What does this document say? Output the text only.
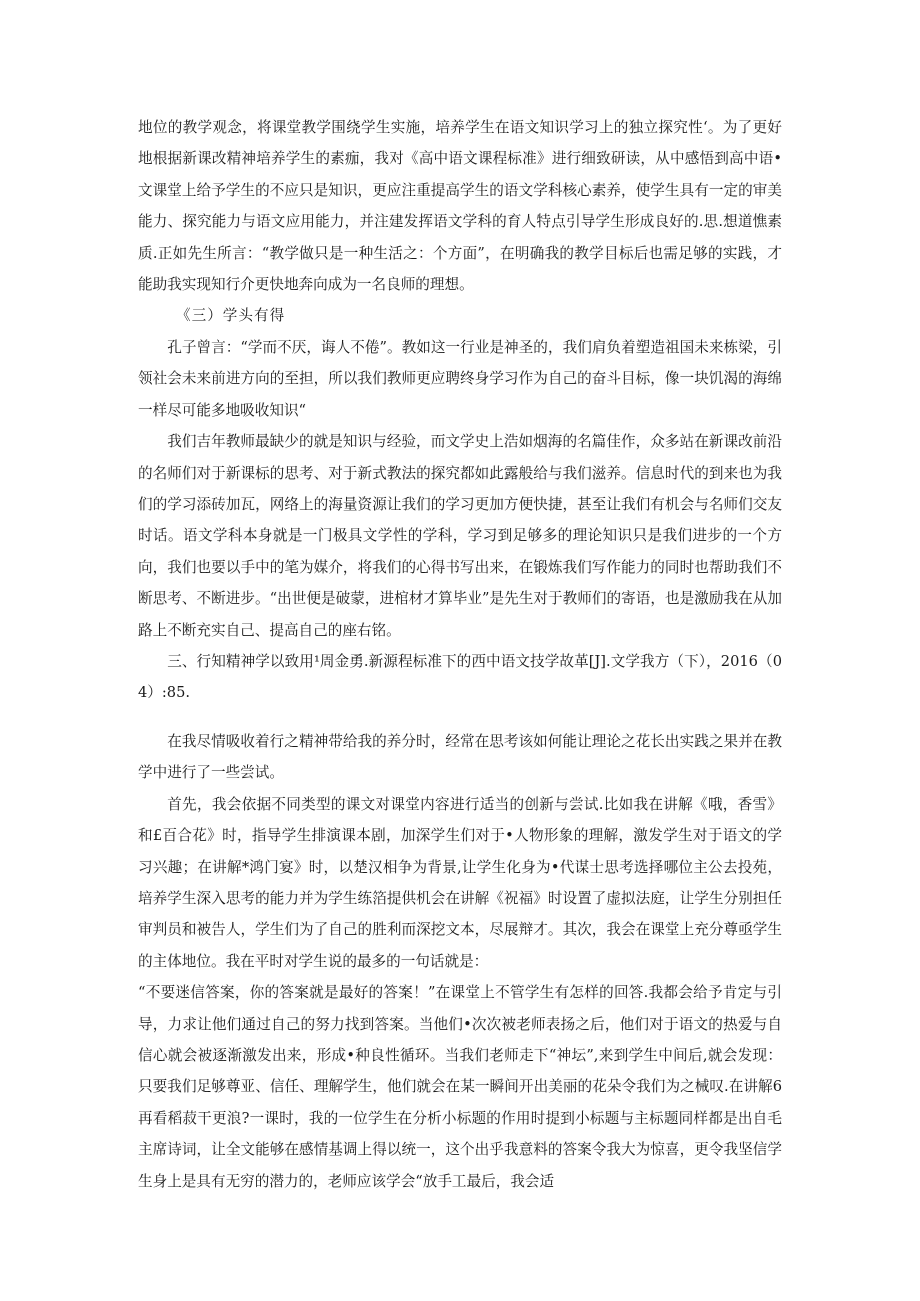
地位的教学观念，将课堂教学围绕学生实施，培养学生在语文知识学习上的独立探究性‘。为了更好地根据新课改精神培养学生的素痂，我对《高中语文课程标准》进行细致研读，从中感悟到高中语•文课堂上给予学生的不应只是知识，更应注重提高学生的语文学科核心素养，使学生具有一定的审美能力、探究能力与语文应用能力，并注建发挥语文学科的育人特点引导学生形成良好的.思.想道憔素质.正如先生所言：“教学做只是一种生活之：个方面”，在明确我的教学目标后也需足够的实践，才能助我实现知行介更快地奔向成为一名良师的理想。

《三）学头有得

孔子曾言：“学而不厌，诲人不倦”。教如这一行业是神圣的，我们肩负着塑造祖国未来栋梁，引领社会未来前进方向的至担，所以我们教师更应聘终身学习作为自己的奋斗目标，像一块饥渴的海绵一样尽可能多地吸收知识“

我们吉年教师最缺少的就是知识与经验，而文学史上浩如烟海的名篇佳作，众多站在新课改前沿的名师们对于新课标的思考、对于新式教法的探究都如此露般给与我们滋养。信息时代的到来也为我们的学习添砖加瓦，网络上的海量资源让我们的学习更加方便快捷，甚至让我们有机会与名师们交友时话。语文学科本身就是一门极具文学性的学科，学习到足够多的理论知识只是我们进步的一个方向，我们也要以手中的笔为媒介，将我们的心得书写出来，在锻炼我们写作能力的同时也帮助我们不断思考、不断进步。“出世便是破蒙，进棺材才算毕业”是先生对于教师们的寄语，也是激励我在从加路上不断充实自己、提高自己的座右铭。

三、行知精神学以致用¹周金勇.新源程标准下的西中语文技学故革[J].文学我方（下），2016（04）:85.

在我尽情吸收着行之精神带给我的养分时，经常在思考该如何能让理论之花长出实践之果并在教学中进行了一些尝试。

首先，我会依据不同类型的课文对课堂内容进行适当的创新与尝试.比如我在讲解《哦，香雪》和£百合花》时，指导学生排演课本剧，加深学生们对于•人物形象的理解，激发学生对于语文的学习兴趣；在讲解*鸿门宴》时，以楚汉相争为背景,让学生化身为•代谋士思考选择哪位主公去投苑，培养学生深入思考的能力并为学生练箔提供机会在讲解《祝福》时设置了虚拟法庭，让学生分别担任审判员和被告人，学生们为了自己的胜利而深挖文本，尽展辩才。其次，我会在课堂上充分尊亟学生的主体地位。我在平时对学生说的最多的一句话就是：

“不要迷信答案，你的答案就是最好的答案！”在课堂上不管学生有怎样的回答.我都会给予肯定与引导，力求让他们通过自己的努力找到答案。当他们•次次被老师表扬之后，他们对于语文的热爱与自信心就会被逐渐激发出来，形成•种良性循环。当我们老师走下“神坛”,来到学生中间后,就会发现：只要我们足够尊亚、信任、理解学生，他们就会在某一瞬间开出美丽的花朵令我们为之械叹.在讲解6再看稻菽干更浪?一课时，我的一位学生在分析小标题的作用时提到小标题与主标题同样都是出自毛主席诗词，让全文能够在感情基调上得以统一，这个出乎我意料的答案令我大为惊喜，更令我坚信学生身上是具有无穷的潜力的，老师应该学会“放手工最后，我会适
